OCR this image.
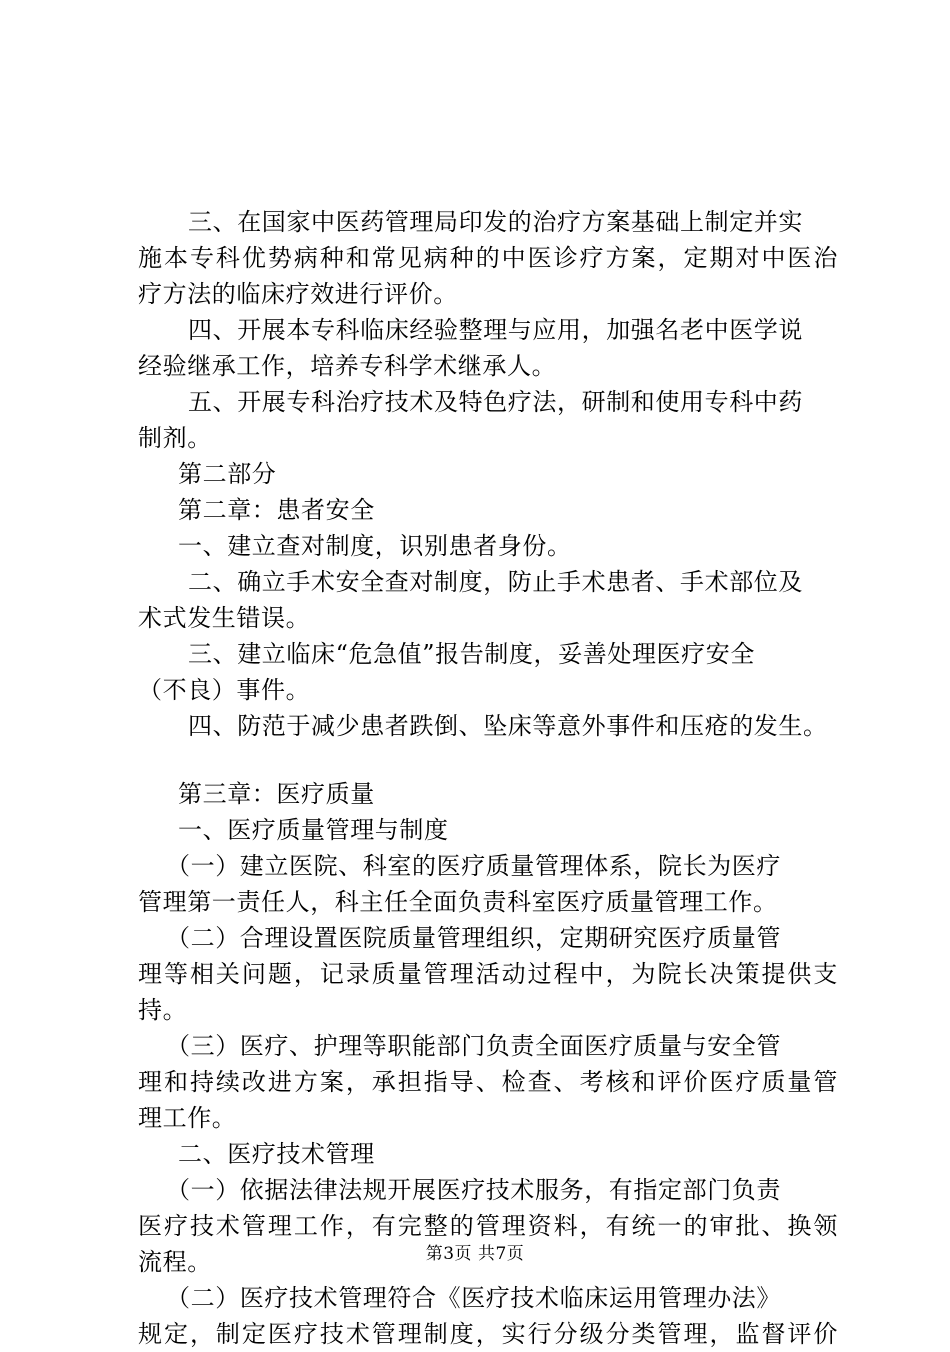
三、在国家中医药管理局印发的治疗方案基础上制定并实
施本专科优势病种和常见病种的中医诊疗方案，定期对中医治
疗方法的临床疗效进行评价。
四、开展本专科临床经验整理与应用，加强名老中医学说
经验继承工作，培养专科学术继承人。
五、开展专科治疗技术及特色疗法，研制和使用专科中药
制剂。
第二部分
第二章：患者安全
一、建立查对制度，识别患者身份。
二、确立手术安全查对制度，防止手术患者、手术部位及
术式发生错误。
三、建立临床“危急值”报告制度，妥善处理医疗安全
（不良）事件。
四、防范于减少患者跌倒、坠床等意外事件和压疮的发生。
第三章：医疗质量
一、医疗质量管理与制度
（一）建立医院、科室的医疗质量管理体系，院长为医疗
管理第一责任人，科主任全面负责科室医疗质量管理工作。
（二）合理设置医院质量管理组织，定期研究医疗质量管
理等相关问题，记录质量管理活动过程中，为院长决策提供支
持。
（三）医疗、护理等职能部门负责全面医疗质量与安全管
理和持续改进方案，承担指导、检查、考核和评价医疗质量管
理工作。
二、医疗技术管理
（一）依据法律法规开展医疗技术服务，有指定部门负责
医疗技术管理工作，有完整的管理资料，有统一的审批、换领
流程。
（二）医疗技术管理符合《医疗技术临床运用管理办法》
规定，制定医疗技术管理制度，实行分级分类管理，监督评价
第3页 共7页
